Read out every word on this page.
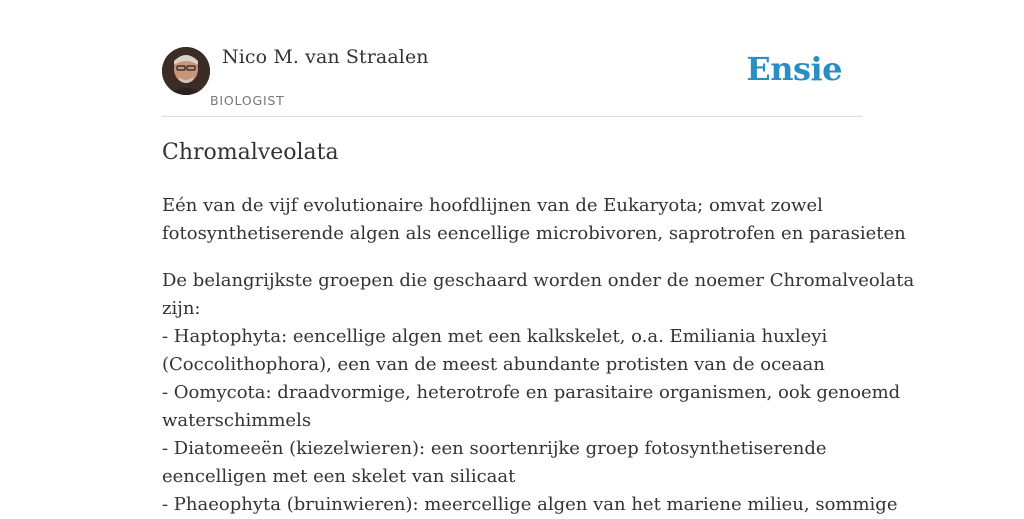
Nico M. van Straalen
BIOLOGIST
Ensie
Chromalveolata

Eén van de vijf evolutionaire hoofdlijnen van de Eukaryota; omvat zowel
fotosynthetiserende algen als eencellige microbivoren, saprotrofen en parasieten

De belangrijkste groepen die geschaard worden onder de noemer Chromalveolata
zijn:
- Haptophyta: eencellige algen met een kalkskelet, o.a. Emiliania huxleyi
(Coccolithophora), een van de meest abundante protisten van de oceaan
- Oomycota: draadvormige, heterotrofe en parasitaire organismen, ook genoemd
waterschimmels
- Diatomeeën (kiezelwieren): een soortenrijke groep fotosynthetiserende
eencelligen met een skelet van silicaat
- Phaeophyta (bruinwieren): meercellige algen van het mariene milieu, sommige
